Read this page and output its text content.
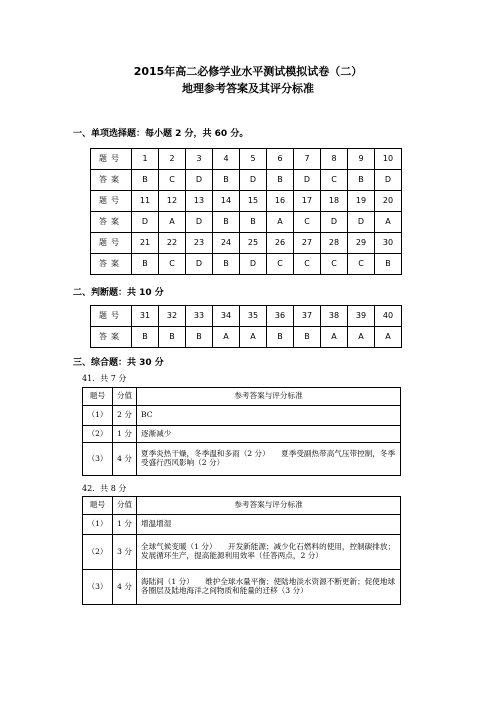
2015年高二必修学业水平测试模拟试卷（二）
地理参考答案及其评分标准
一、单项选择题：每小题 2 分，共 60 分。
题号	1	2	3	4	5	6	7	8	9	10
答案	B	C	D	B	D	B	D	C	B	D
题号	11	12	13	14	15	16	17	18	19	20
答案	D	A	D	B	B	A	C	D	D	A
题号	21	22	23	24	25	26	27	28	29	30
答案	B	C	D	B	D	C	C	C	C	B
二、判断题：共 10 分
题号	31	32	33	34	35	36	37	38	39	40
答案	B	B	B	A	A	B	B	A	A	A
三、综合题：共 30 分
41．共 7 分
题号	分值	参考答案与评分标准
（1）	2 分	BC
（2）	1 分	逐渐减少
（3）	4 分	夏季炎热干燥，冬季温和多雨（2 分）　　夏季受副热带高气压带控制，冬季受盛行西风影响（2 分）
42．共 8 分
题号	分值	参考答案与评分标准
（1）	1 分	增温增湿
（2）	3 分	全球气候变暖（1 分）　　开发新能源；减少化石燃料的使用，控制碳排放；发展循环生产，提高能源利用效率（任答两点，2 分）
（3）	4 分	海陆间（1 分）　　维护全球水量平衡；使陆地淡水资源不断更新；促使地球各圈层及陆地海洋之间物质和能量的迁移（3 分）
